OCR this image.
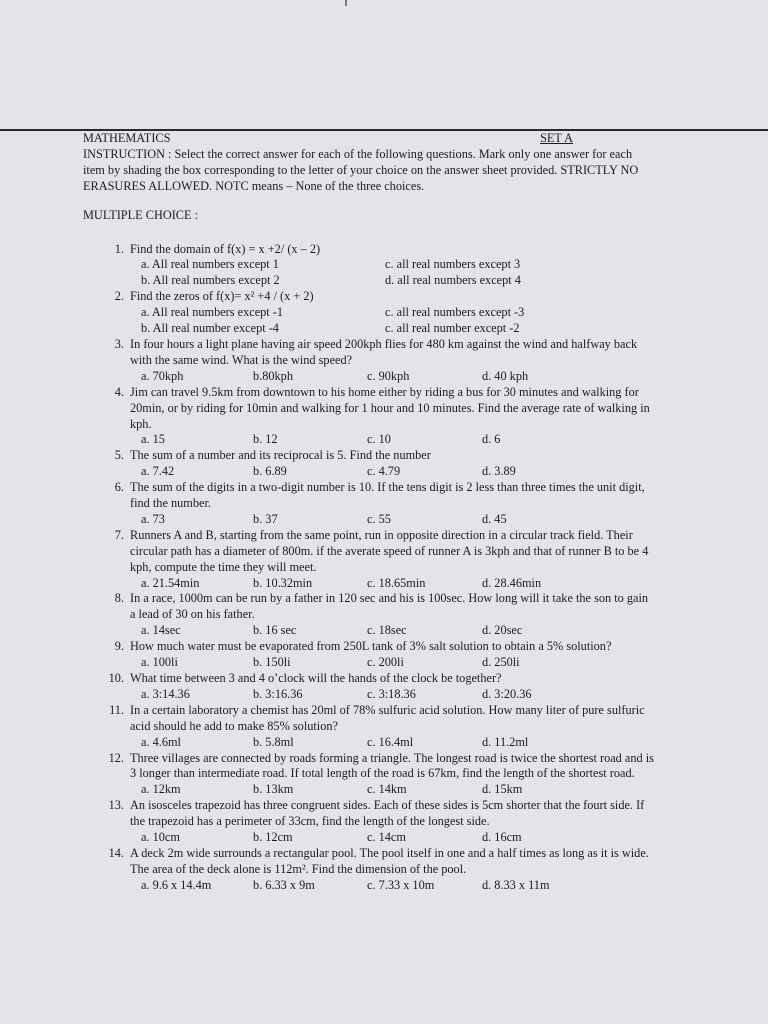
MATHEMATICS	SET A

INSTRUCTION : Select the correct answer for each of the following questions. Mark only one answer for each item by shading the box corresponding to the letter of your choice on the answer sheet provided. STRICTLY NO ERASURES ALLOWED. NOTC means – None of the three choices.

MULTIPLE CHOICE :
1. Find the domain of f(x) = x +2/ (x – 2)
a. All real numbers except 1	c. all real numbers except 3
b. All real numbers except 2	d. all real numbers except 4
2. Find the zeros of f(x)= x² +4 / (x + 2)
a. All real numbers except -1	c. all real numbers except -3
b. All real number except -4	c. all real number except -2
3. In four hours a light plane having air speed 200kph flies for 480 km against the wind and halfway back with the same wind. What is the wind speed?
a. 70kph	b.80kph	c. 90kph	d. 40 kph
4. Jim can travel 9.5km from downtown to his home either by riding a bus for 30 minutes and walking for 20min, or by riding for 10min and walking for 1 hour and 10 minutes. Find the average rate of walking in kph.
a. 15	b. 12	c. 10	d. 6
5. The sum of a number and its reciprocal is 5. Find the number
a. 7.42	b. 6.89	c. 4.79	d. 3.89
6. The sum of the digits in a two-digit number is 10. If the tens digit is 2 less than three times the unit digit, find the number.
a. 73	b. 37	c. 55	d. 45
7. Runners A and B, starting from the same point, run in opposite direction in a circular track field. Their circular path has a diameter of 800m. if the averate speed of runner A is 3kph and that of runner B to be 4 kph, compute the time they will meet.
a. 21.54min	b. 10.32min	c. 18.65min	d. 28.46min
8. In a race, 1000m can be run by a father in 120 sec and his is 100sec. How long will it take the son to gain a lead of 30 on his father.
a. 14sec	b. 16 sec	c. 18sec	d. 20sec
9. How much water must be evaporated from 250L tank of 3% salt solution to obtain a 5% solution?
a. 100li	b. 150li	c. 200li	d. 250li
10. What time between 3 and 4 o’clock will the hands of the clock be together?
a. 3:14.36	b. 3:16.36	c. 3:18.36	d. 3:20.36
11. In a certain laboratory a chemist has 20ml of 78% sulfuric acid solution. How many liter of pure sulfuric acid should he add to make 85% solution?
a. 4.6ml	b. 5.8ml	c. 16.4ml	d. 11.2ml
12. Three villages are connected by roads forming a triangle. The longest road is twice the shortest road and is 3 longer than intermediate road. If total length of the road is 67km, find the length of the shortest road.
a. 12km	b. 13km	c. 14km	d. 15km
13. An isosceles trapezoid has three congruent sides. Each of these sides is 5cm shorter that the fourt side. If the trapezoid has a perimeter of 33cm, find the length of the longest side.
a. 10cm	b. 12cm	c. 14cm	d. 16cm
14. A deck 2m wide surrounds a rectangular pool. The pool itself in one and a half times as long as it is wide. The area of the deck alone is 112m². Find the dimension of the pool.
a. 9.6 x 14.4m	b. 6.33 x 9m	c. 7.33 x 10m	d. 8.33 x 11m
